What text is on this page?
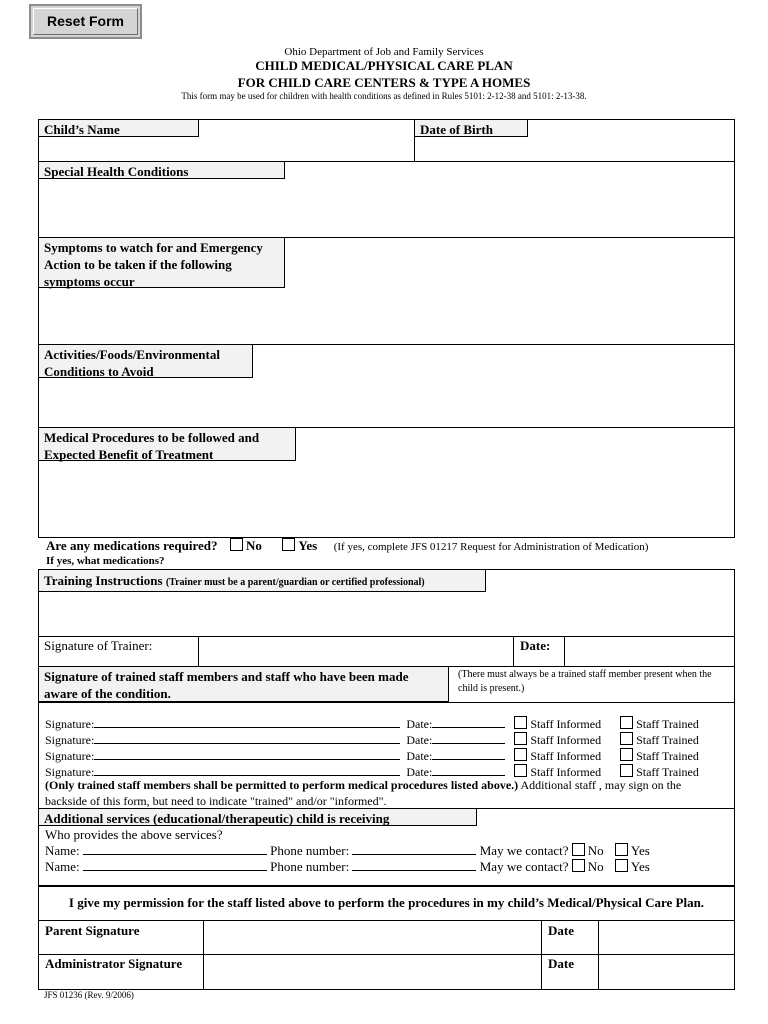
Reset Form
Ohio Department of Job and Family Services
CHILD MEDICAL/PHYSICAL CARE PLAN
FOR CHILD CARE CENTERS & TYPE A HOMES
This form may be used for children with health conditions as defined in Rules 5101: 2-12-38 and 5101: 2-13-38.
Child’s Name	Date of Birth
Special Health Conditions
Symptoms to watch for and Emergency Action to be taken if the following symptoms occur
Activities/Foods/Environmental Conditions to Avoid
Medical Procedures to be followed and Expected Benefit of Treatment
Are any medications required? No	Yes (If yes, complete JFS 01217 Request for Administration of Medication)
If yes, what medications?
Training Instructions (Trainer must be a parent/guardian or certified professional)
Signature of Trainer:	Date:
Signature of trained staff members and staff who have been made aware of the condition.
(There must always be a trained staff member present when the child is present.)
Signature:	Date:	Staff Informed	Staff Trained
Signature:	Date:	Staff Informed	Staff Trained
Signature:	Date:	Staff Informed	Staff Trained
Signature:	Date:	Staff Informed	Staff Trained
(Only trained staff members shall be permitted to perform medical procedures listed above.) Additional staff , may sign on the
backside of this form, but need to indicate "trained" and/or "informed".
Additional services (educational/therapeutic) child is receiving
Who provides the above services?
Name:	Phone number:	May we contact? No Yes
Name:	Phone number:	May we contact? No Yes
I give my permission for the staff listed above to perform the procedures in my child’s Medical/Physical Care Plan.
Parent Signature	Date
Administrator Signature	Date
JFS 01236 (Rev. 9/2006)
